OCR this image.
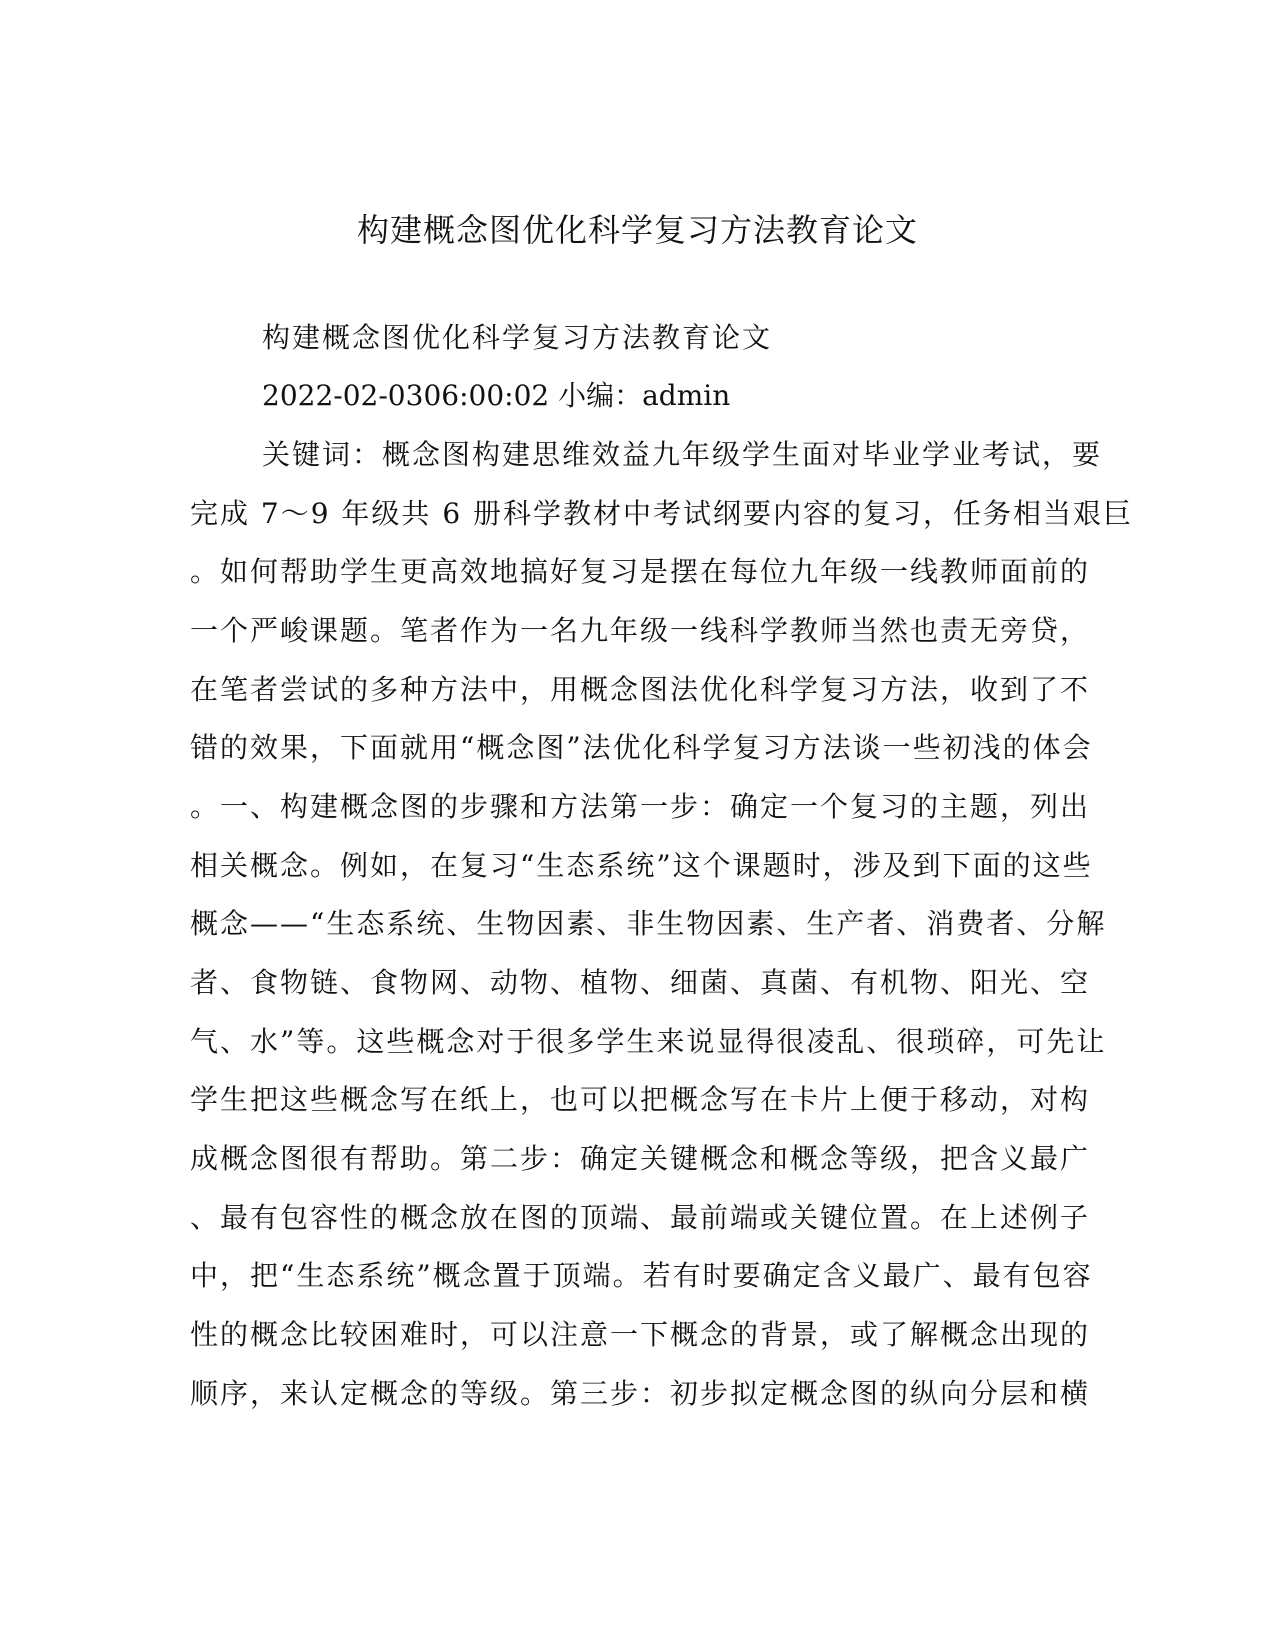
构建概念图优化科学复习方法教育论文
构建概念图优化科学复习方法教育论文
2022-02-0306:00:02 小编：admin
关键词：概念图构建思维效益九年级学生面对毕业学业考试，要
完成 7～9 年级共 6 册科学教材中考试纲要内容的复习，任务相当艰巨
。如何帮助学生更高效地搞好复习是摆在每位九年级一线教师面前的
一个严峻课题。笔者作为一名九年级一线科学教师当然也责无旁贷，
在笔者尝试的多种方法中，用概念图法优化科学复习方法，收到了不
错的效果，下面就用“概念图”法优化科学复习方法谈一些初浅的体会
。一、构建概念图的步骤和方法第一步：确定一个复习的主题，列出
相关概念。例如，在复习“生态系统”这个课题时，涉及到下面的这些
概念——“生态系统、生物因素、非生物因素、生产者、消费者、分解
者、食物链、食物网、动物、植物、细菌、真菌、有机物、阳光、空
气、水”等。这些概念对于很多学生来说显得很凌乱、很琐碎，可先让
学生把这些概念写在纸上，也可以把概念写在卡片上便于移动，对构
成概念图很有帮助。第二步：确定关键概念和概念等级，把含义最广
、最有包容性的概念放在图的顶端、最前端或关键位置。在上述例子
中，把“生态系统”概念置于顶端。若有时要确定含义最广、最有包容
性的概念比较困难时，可以注意一下概念的背景，或了解概念出现的
顺序，来认定概念的等级。第三步：初步拟定概念图的纵向分层和横
